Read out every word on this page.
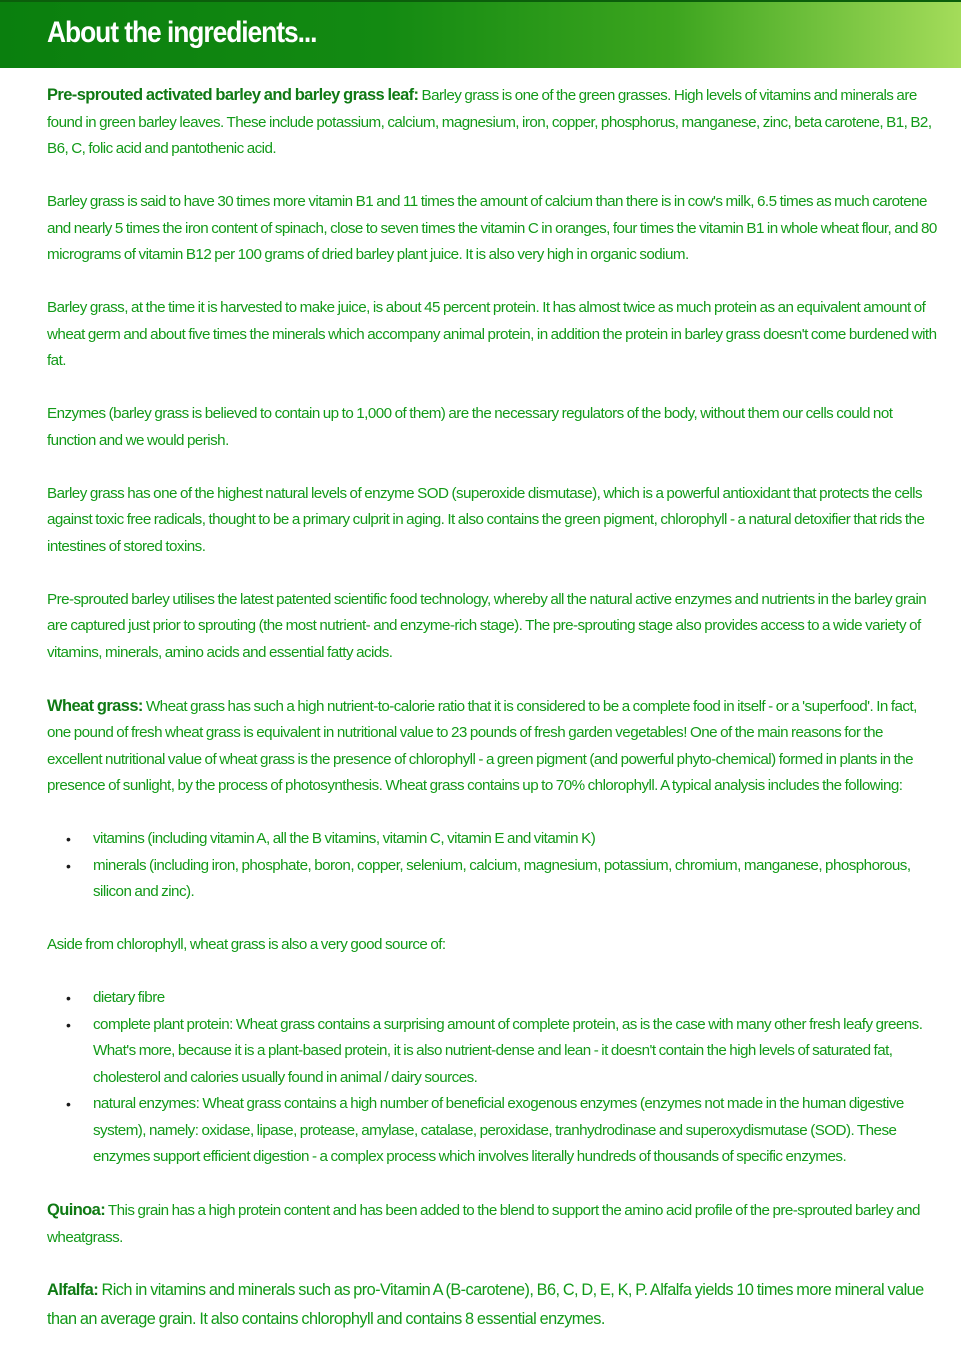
About the ingredients...

Pre-sprouted activated barley and barley grass leaf: Barley grass is one of the green grasses. High levels of vitamins and minerals are found in green barley leaves. These include potassium, calcium, magnesium, iron, copper, phosphorus, manganese, zinc, beta carotene, B1, B2, B6, C, folic acid and pantothenic acid.

Barley grass is said to have 30 times more vitamin B1 and 11 times the amount of calcium than there is in cow's milk, 6.5 times as much carotene and nearly 5 times the iron content of spinach, close to seven times the vitamin C in oranges, four times the vitamin B1 in whole wheat flour, and 80 micrograms of vitamin B12 per 100 grams of dried barley plant juice. It is also very high in organic sodium.

Barley grass, at the time it is harvested to make juice, is about 45 percent protein. It has almost twice as much protein as an equivalent amount of wheat germ and about five times the minerals which accompany animal protein, in addition the protein in barley grass doesn't come burdened with fat.

Enzymes (barley grass is believed to contain up to 1,000 of them) are the necessary regulators of the body, without them our cells could not function and we would perish.

Barley grass has one of the highest natural levels of enzyme SOD (superoxide dismutase), which is a powerful antioxidant that protects the cells against toxic free radicals, thought to be a primary culprit in aging. It also contains the green pigment, chlorophyll - a natural detoxifier that rids the intestines of stored toxins.

Pre-sprouted barley utilises the latest patented scientific food technology, whereby all the natural active enzymes and nutrients in the barley grain are captured just prior to sprouting (the most nutrient- and enzyme-rich stage). The pre-sprouting stage also provides access to a wide variety of vitamins, minerals, amino acids and essential fatty acids.

Wheat grass: Wheat grass has such a high nutrient-to-calorie ratio that it is considered to be a complete food in itself - or a 'superfood'. In fact, one pound of fresh wheat grass is equivalent in nutritional value to 23 pounds of fresh garden vegetables! One of the main reasons for the excellent nutritional value of wheat grass is the presence of chlorophyll - a green pigment (and powerful phyto-chemical) formed in plants in the presence of sunlight, by the process of photosynthesis. Wheat grass contains up to 70% chlorophyll. A typical analysis includes the following:

• vitamins (including vitamin A, all the B vitamins, vitamin C, vitamin E and vitamin K)
• minerals (including iron, phosphate, boron, copper, selenium, calcium, magnesium, potassium, chromium, manganese, phosphorous, silicon and zinc).

Aside from chlorophyll, wheat grass is also a very good source of:

• dietary fibre
• complete plant protein: Wheat grass contains a surprising amount of complete protein, as is the case with many other fresh leafy greens. What's more, because it is a plant-based protein, it is also nutrient-dense and lean - it doesn't contain the high levels of saturated fat, cholesterol and calories usually found in animal / dairy sources.
• natural enzymes: Wheat grass contains a high number of beneficial exogenous enzymes (enzymes not made in the human digestive system), namely: oxidase, lipase, protease, amylase, catalase, peroxidase, tranhydrodinase and superoxydismutase (SOD). These enzymes support efficient digestion - a complex process which involves literally hundreds of thousands of specific enzymes.

Quinoa: This grain has a high protein content and has been added to the blend to support the amino acid profile of the pre-sprouted barley and wheatgrass.

Alfalfa: Rich in vitamins and minerals such as pro-Vitamin A (B-carotene), B6, C, D, E, K, P. Alfalfa yields 10 times more mineral value than an average grain. It also contains chlorophyll and contains 8 essential enzymes.
